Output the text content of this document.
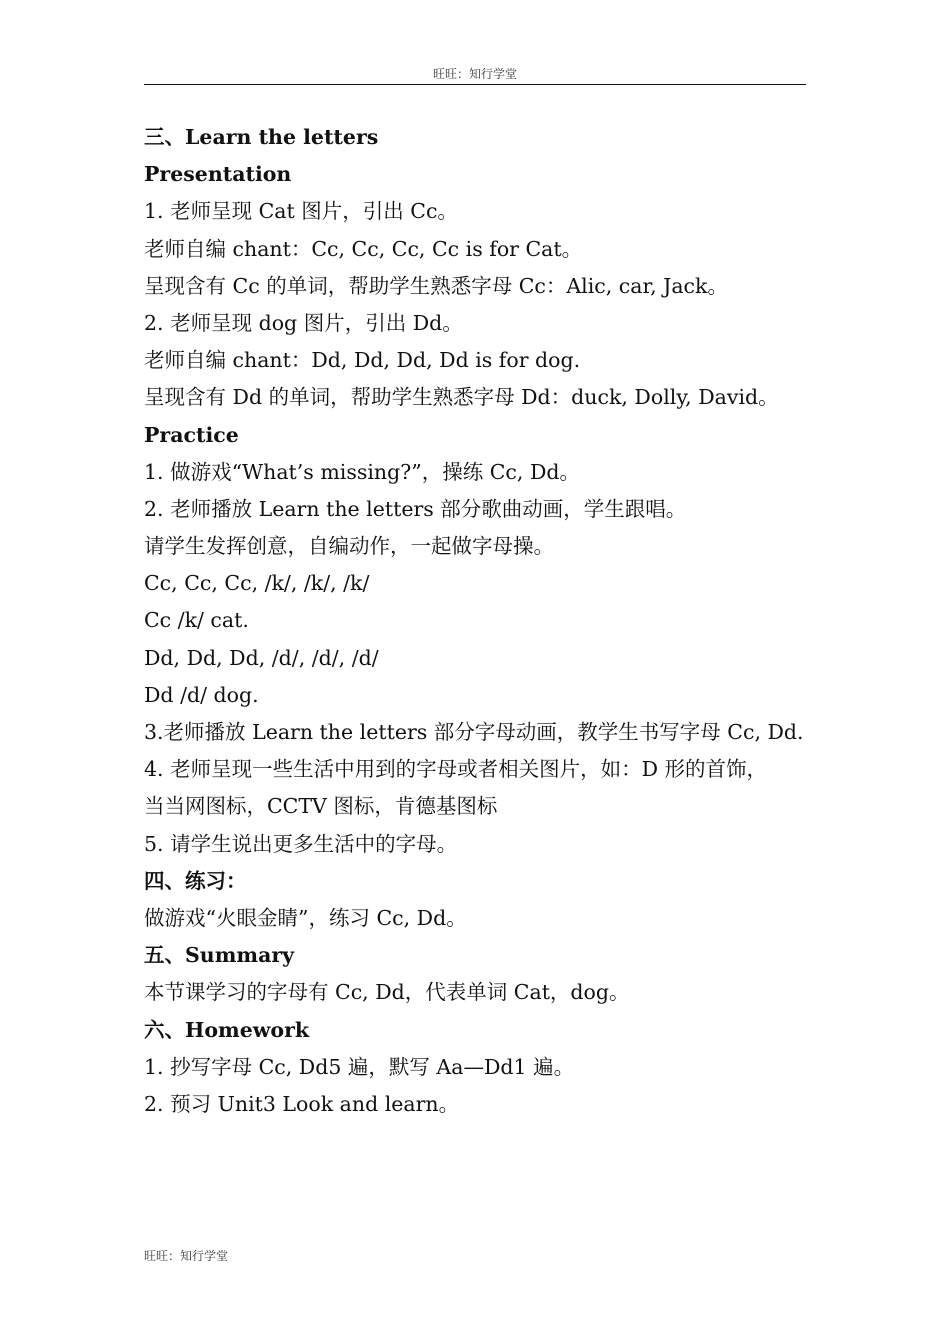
旺旺：知行学堂
三、Learn the letters
Presentation
1. 老师呈现 Cat 图片，引出 Cc。
老师自编 chant：Cc, Cc, Cc, Cc is for Cat。
呈现含有 Cc 的单词，帮助学生熟悉字母 Cc：Alic, car, Jack。
2. 老师呈现 dog 图片，引出 Dd。
老师自编 chant：Dd, Dd, Dd, Dd is for dog.
呈现含有 Dd 的单词，帮助学生熟悉字母 Dd：duck, Dolly, David。
Practice
1. 做游戏“What’s missing?”，操练 Cc, Dd。
2. 老师播放 Learn the letters 部分歌曲动画，学生跟唱。
请学生发挥创意，自编动作，一起做字母操。
Cc, Cc, Cc, /k/, /k/, /k/
Cc /k/ cat.
Dd, Dd, Dd, /d/, /d/, /d/
Dd /d/ dog.
3.老师播放 Learn the letters 部分字母动画，教学生书写字母 Cc, Dd.
4. 老师呈现一些生活中用到的字母或者相关图片，如：D 形的首饰，
当当网图标，CCTV 图标，肯德基图标
5. 请学生说出更多生活中的字母。
四、练习：
做游戏“火眼金睛”，练习 Cc, Dd。
五、Summary
本节课学习的字母有 Cc, Dd，代表单词 Cat，dog。
六、Homework
1. 抄写字母 Cc, Dd5 遍，默写 Aa—Dd1 遍。
2. 预习 Unit3 Look and learn。
旺旺：知行学堂
